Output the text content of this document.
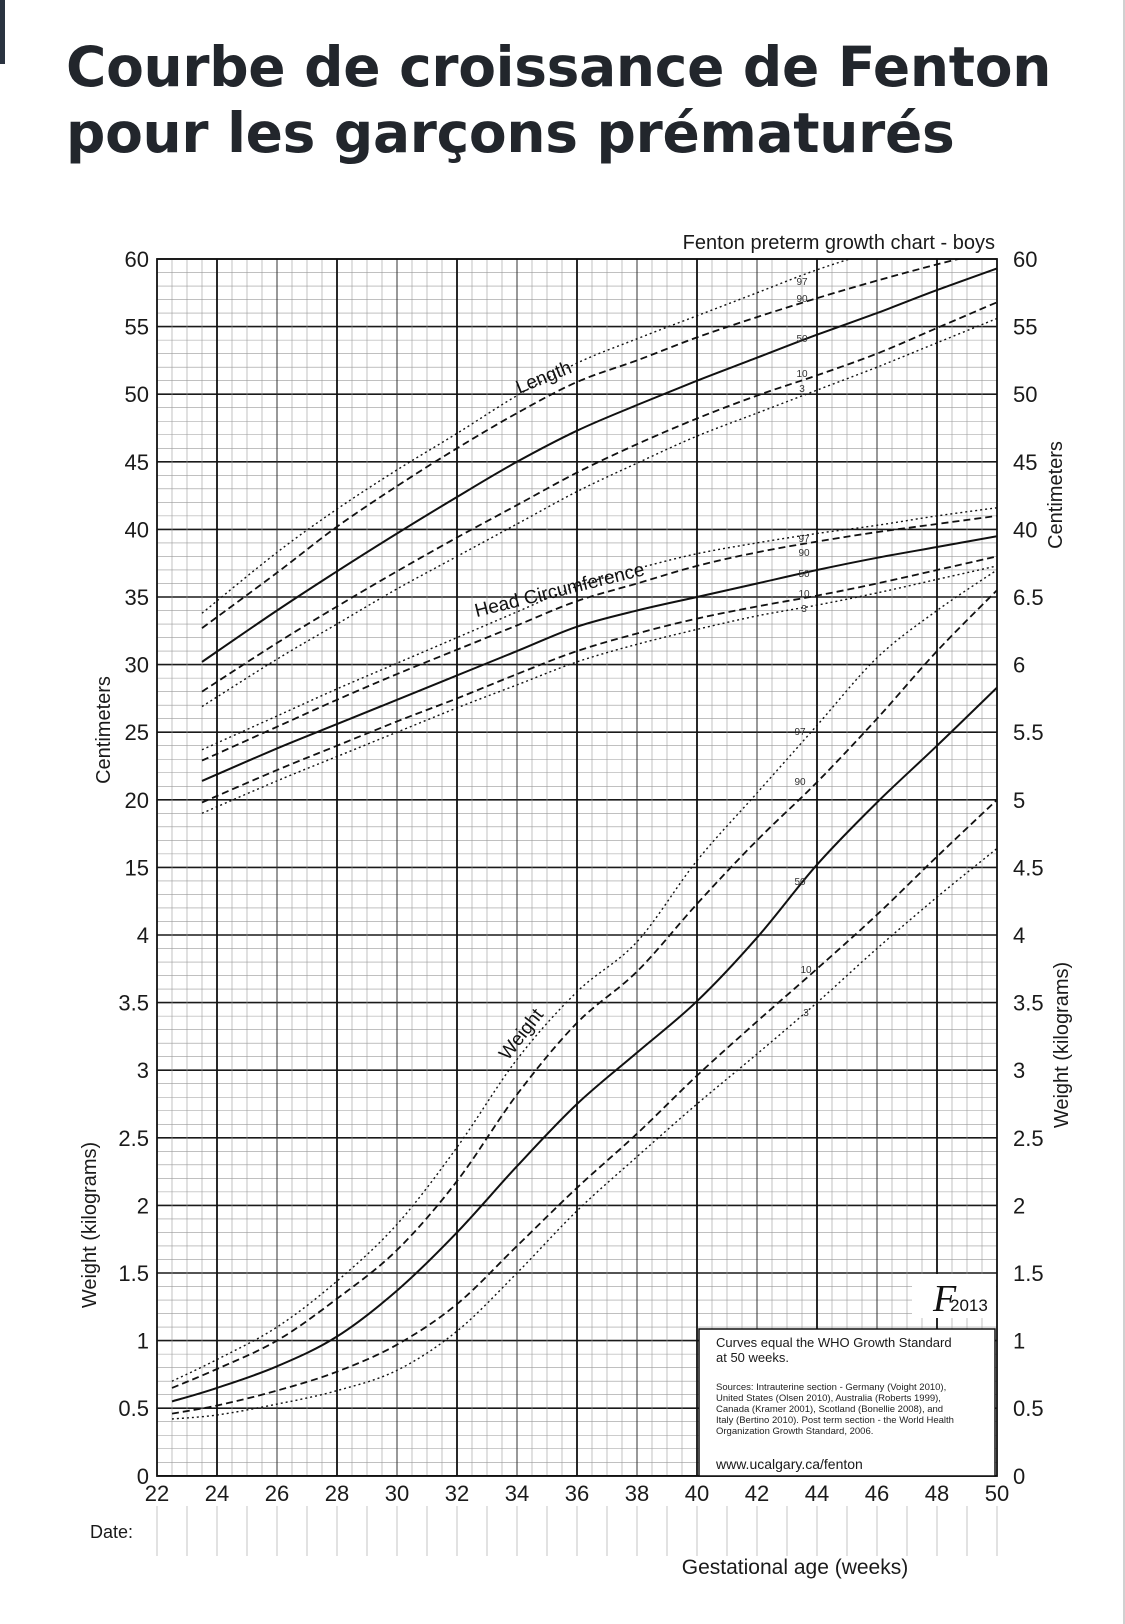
Courbe de croissance de Fenton
pour les garçons prématurés
60
55
50
45
40
35
30
25
20
15
4
3.5
3
2.5
2
1.5
1
0.5
0
60
55
50
45
40
6.5
6
5.5
5
4.5
4
3.5
3
2.5
2
1.5
1
0.5
0
22 24 26 28 30 32 34 36 38 40 42 44 46 48 50
Date:
Fenton preterm growth chart - boys
Gestational age (weeks)
Centimeters
Weight (kilograms)
Centimeters
Weight (kilograms)
Length
Head Circumference
Weight
97
90
50
10
3
97
90
50
10
3
97
90
50
10
3
F
2013
Curves equal the WHO Growth Standard
at 50 weeks.
Sources: Intrauterine section - Germany (Voight 2010),
United States (Olsen 2010), Australia (Roberts 1999),
Canada (Kramer 2001), Scotland (Bonellie 2008), and
Italy (Bertino 2010). Post term section - the World Health
Organization Growth Standard, 2006.
www.ucalgary.ca/fenton
